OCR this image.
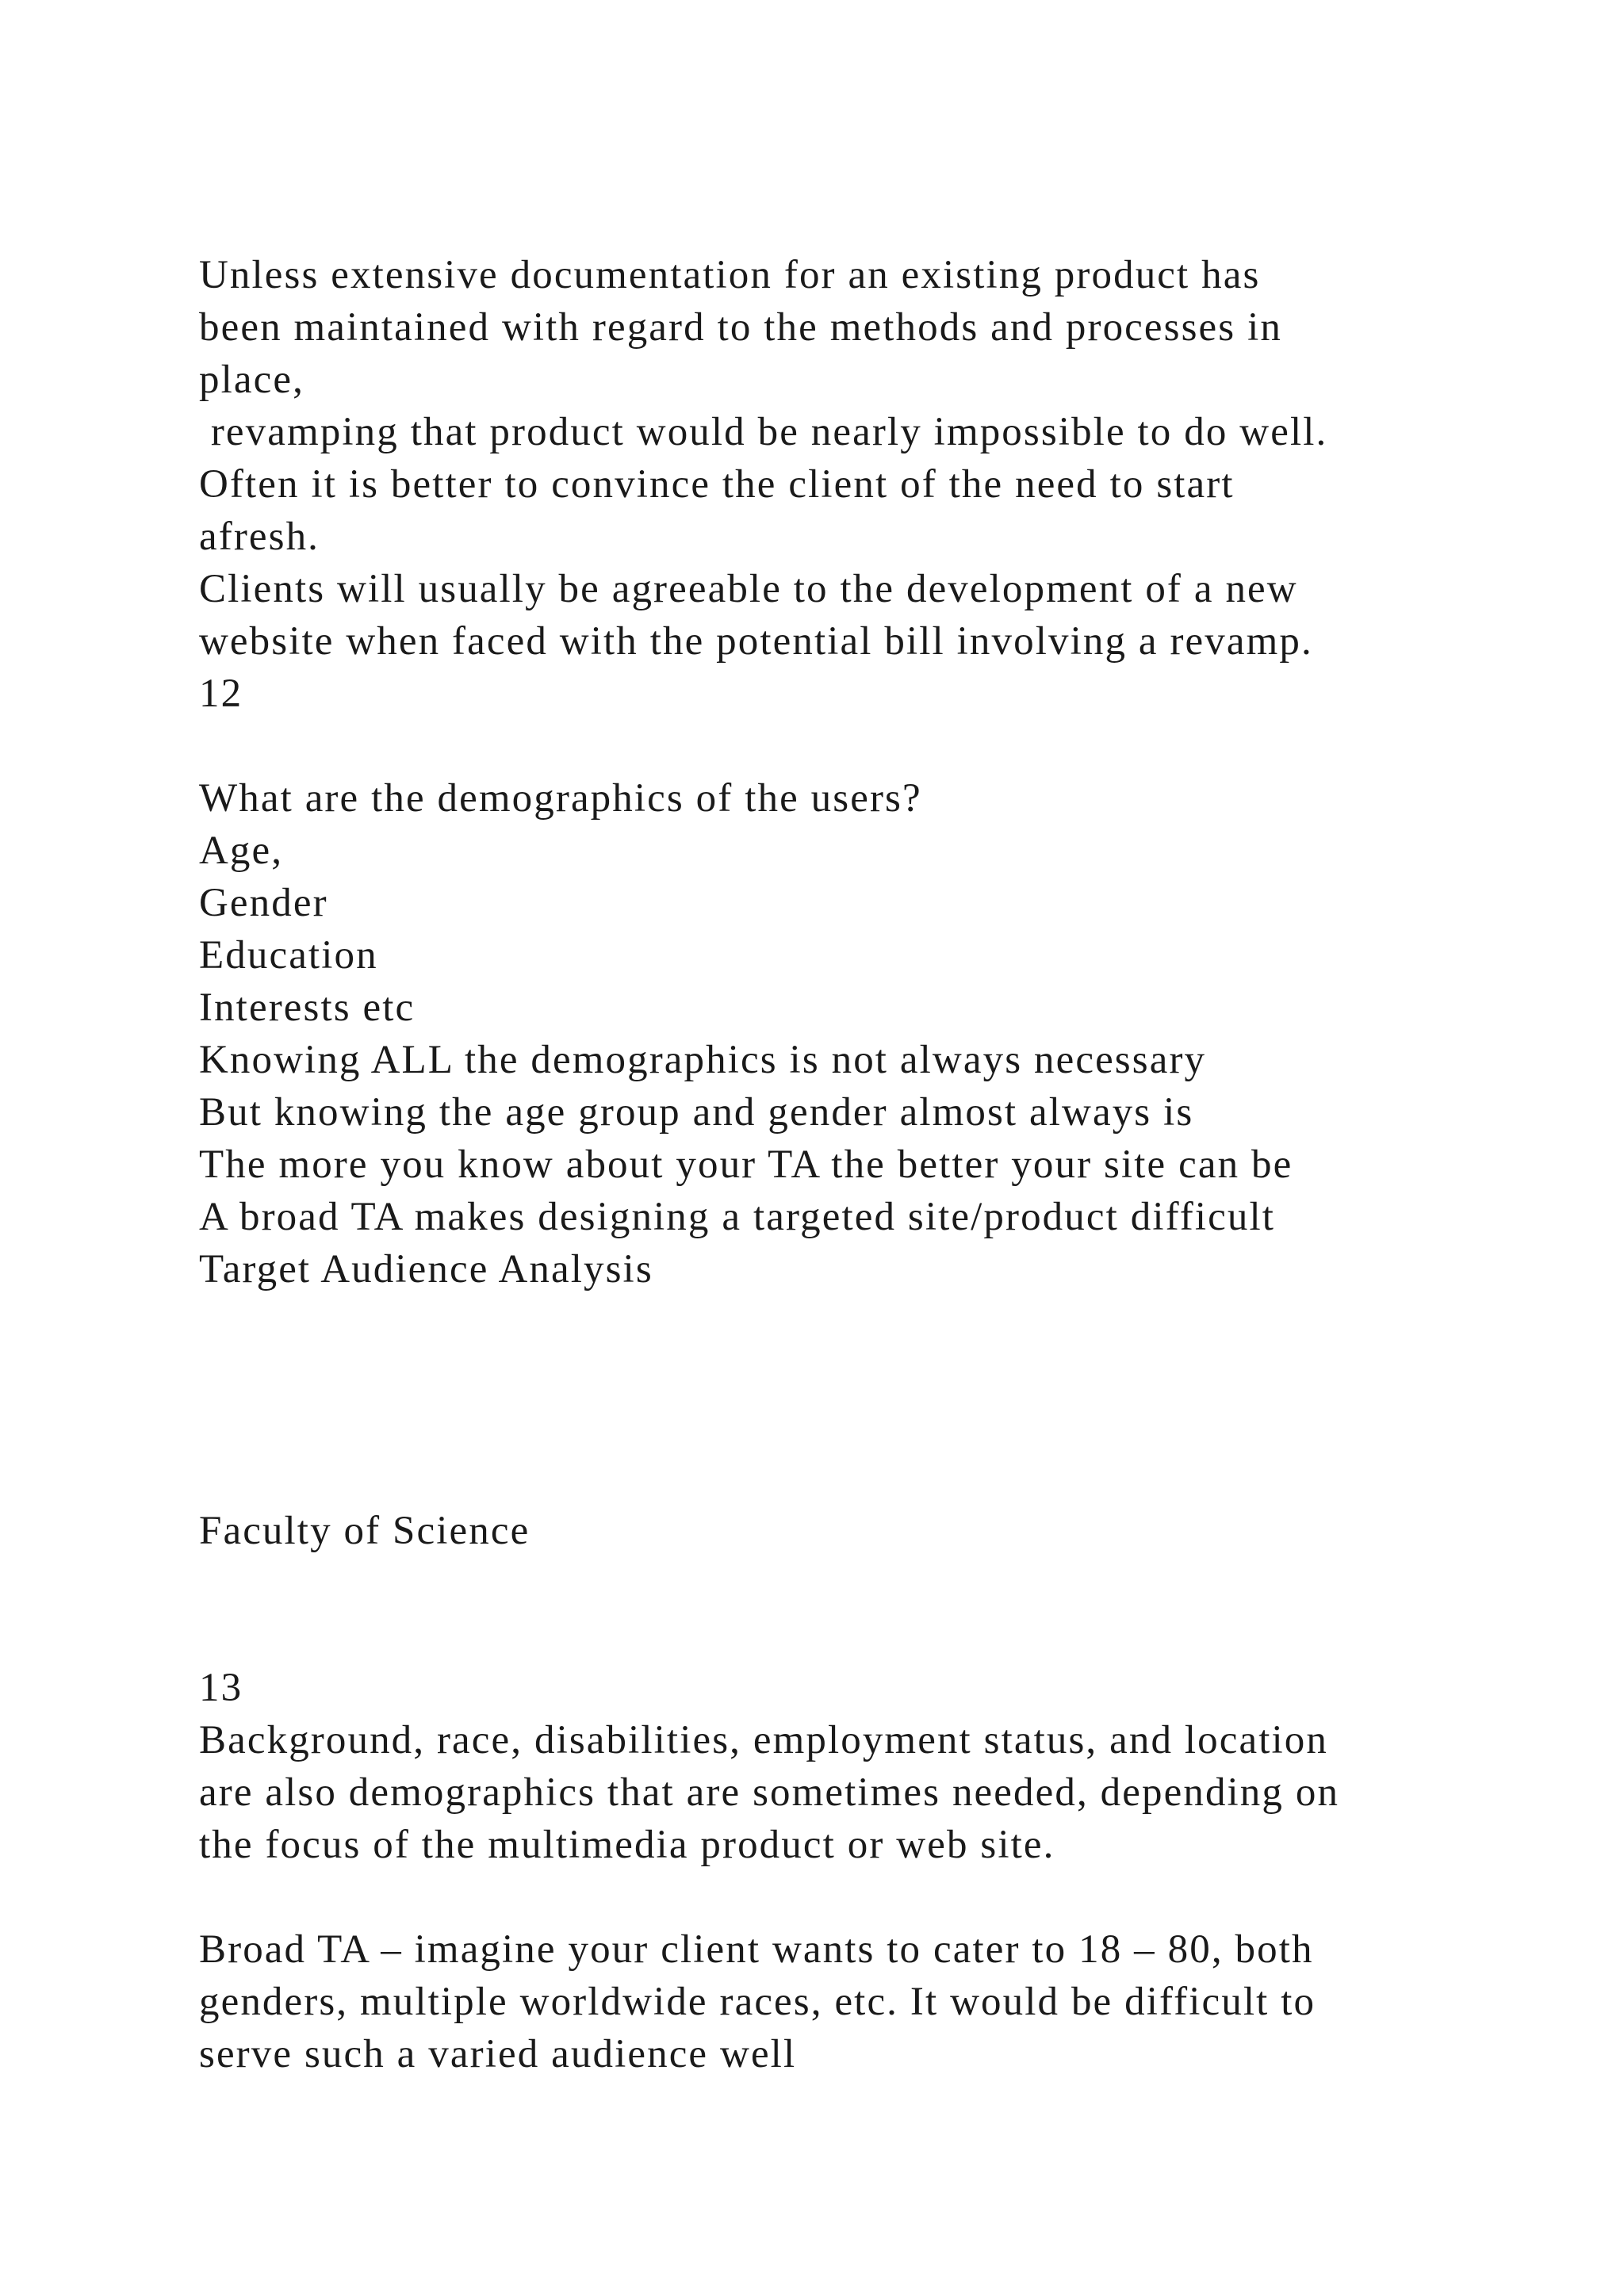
Unless extensive documentation for an existing product has

been maintained with regard to the methods and processes in

place,

revamping that product would be nearly impossible to do well.

Often it is better to convince the client of the need to start

afresh.

Clients will usually be agreeable to the development of a new

website when faced with the potential bill involving a revamp.

12

What are the demographics of the users?

Age,

Gender

Education

Interests etc

Knowing ALL the demographics is not always necessary

But knowing the age group and gender almost always is

The more you know about your TA the better your site can be

A broad TA makes designing a targeted site/product difficult

Target Audience Analysis

Faculty of Science

13

Background, race, disabilities, employment status, and location

are also demographics that are sometimes needed, depending on

the focus of the multimedia product or web site.

Broad TA – imagine your client wants to cater to 18 – 80, both

genders, multiple worldwide races, etc. It would be difficult to

serve such a varied audience well
